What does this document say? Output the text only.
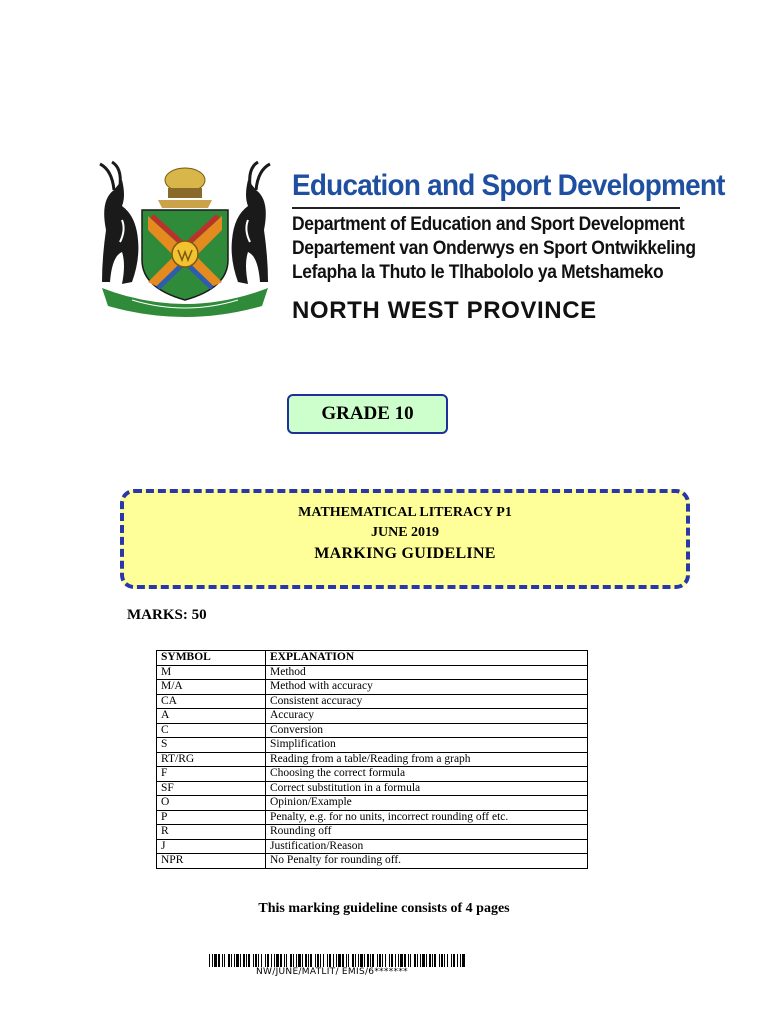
Education and Sport Development
Department of Education and Sport Development
Departement van Onderwys en Sport Ontwikkeling
Lefapha la Thuto le Tlhabololo ya Metshameko
NORTH WEST PROVINCE
GRADE 10
MATHEMATICAL LITERACY P1
JUNE 2019
MARKING GUIDELINE
MARKS: 50
SYMBOL	EXPLANATION
M	Method
M/A	Method with accuracy
CA	Consistent accuracy
A	Accuracy
C	Conversion
S	Simplification
RT/RG	Reading from a table/Reading from a graph
F	Choosing the correct formula
SF	Correct substitution in a formula
O	Opinion/Example
P	Penalty, e.g. for no units, incorrect rounding off etc.
R	Rounding off
J	Justification/Reason
NPR	No Penalty for rounding off.
This marking guideline consists of 4 pages
NW/JUNE/MATLIT/ EMIS/6*******
